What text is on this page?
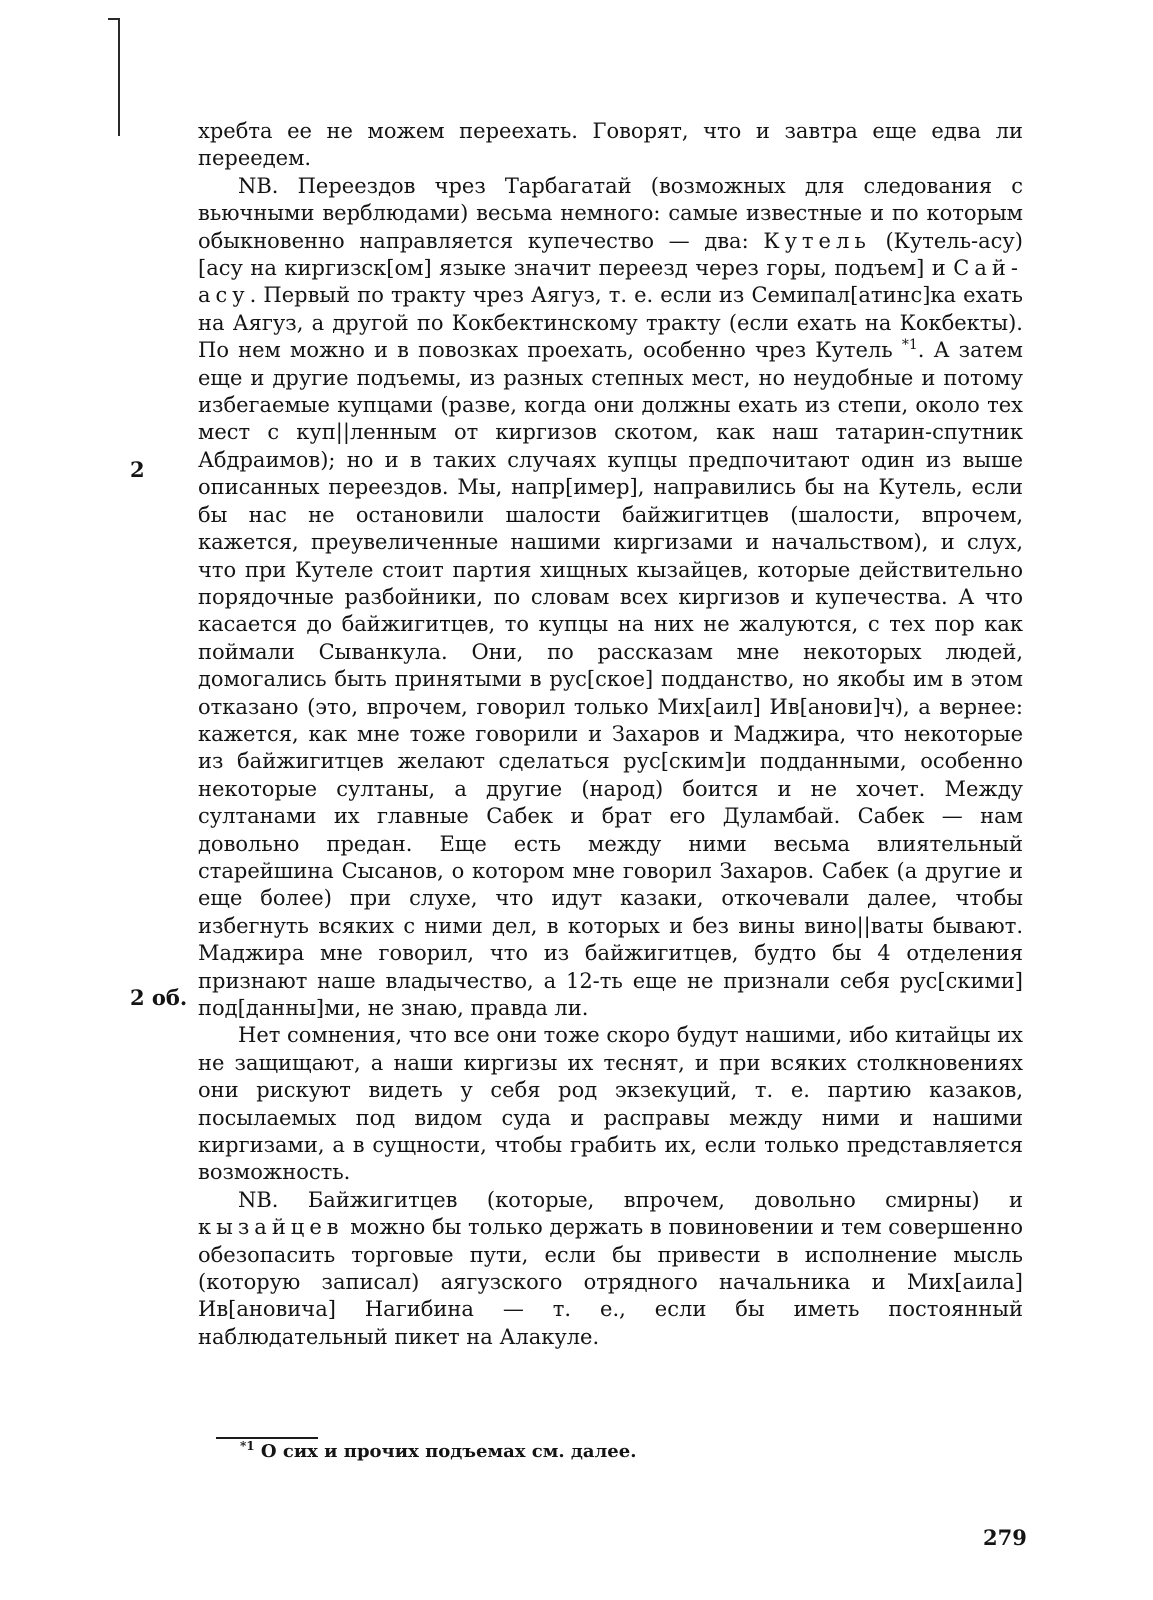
2
2 об.

хребта ее не можем переехать. Говорят, что и завтра еще едва ли переедем.

NB. Переездов чрез Тарбагатай (возможных для следования с вьючными верблюдами) весьма немного: самые известные и по которым обыкновенно направляется купечество — два: Кутель (Кутель-асу) [асу на киргизск[ом] языке значит переезд через горы, подъем] и Сай-асу. Первый по тракту чрез Аягуз, т. е. если из Семипал[атинс]ка ехать на Аягуз, а другой по Кокбектинскому тракту (если ехать на Кокбекты). По нем можно и в повозках проехать, особенно чрез Кутель $^{*1}$. А затем еще и другие подъемы, из разных степных мест, но неудобные и потому избегаемые купцами (разве, когда они должны ехать из степи, около тех мест с куп||ленным от киргизов скотом, как наш татарин-спутник Абдраимов); но и в таких случаях купцы предпочитают один из выше описанных переездов. Мы, напр[имер], направились бы на Кутель, если бы нас не остановили шалости байжигитцев (шалости, впрочем, кажется, преувеличенные нашими киргизами и начальством), и слух, что при Кутеле стоит партия хищных кызайцев, которые действительно порядочные разбойники, по словам всех киргизов и купечества. А что касается до байжигитцев, то купцы на них не жалуются, с тех пор как поймали Сыванкула. Они, по рассказам мне некоторых людей, домогались быть принятыми в рус[ское] подданство, но якобы им в этом отказано (это, впрочем, говорил только Мих[аил] Ив[анови]ч), а вернее: кажется, как мне тоже говорили и Захаров и Маджира, что некоторые из байжигитцев желают сделаться рус[ским]и подданными, особенно некоторые султаны, а другие (народ) боится и не хочет. Между султанами их главные Сабек и брат его Дуламбай. Сабек — нам довольно предан. Еще есть между ними весьма влиятельный старейшина Сысанов, о котором мне говорил Захаров. Сабек (а другие и еще более) при слухе, что идут казаки, откочевали далее, чтобы избегнуть всяких с ними дел, в которых и без вины вино||ваты бывают. Маджира мне говорил, что из байжигитцев, будто бы 4 отделения признают наше владычество, а 12-ть еще не признали себя рус[скими] под[данны]ми, не знаю, правда ли.

Нет сомнения, что все они тоже скоро будут нашими, ибо китайцы их не защищают, а наши киргизы их теснят, и при всяких столкновениях они рискуют видеть у себя род экзекуций, т. е. партию казаков, посылаемых под видом суда и расправы между ними и нашими киргизами, а в сущности, чтобы грабить их, если только представляется возможность.

NB. Байжигитцев (которые, впрочем, довольно смирны) и кызайцев можно бы только держать в повиновении и тем совершенно обезопасить торговые пути, если бы привести в исполнение мысль (которую записал) аягузского отрядного начальника и Мих[аила] Ив[ановича] Нагибина — т. е., если бы иметь постоянный наблюдательный пикет на Алакуле.

$^{*1}$ О сих и прочих подъемах см. далее.
279
